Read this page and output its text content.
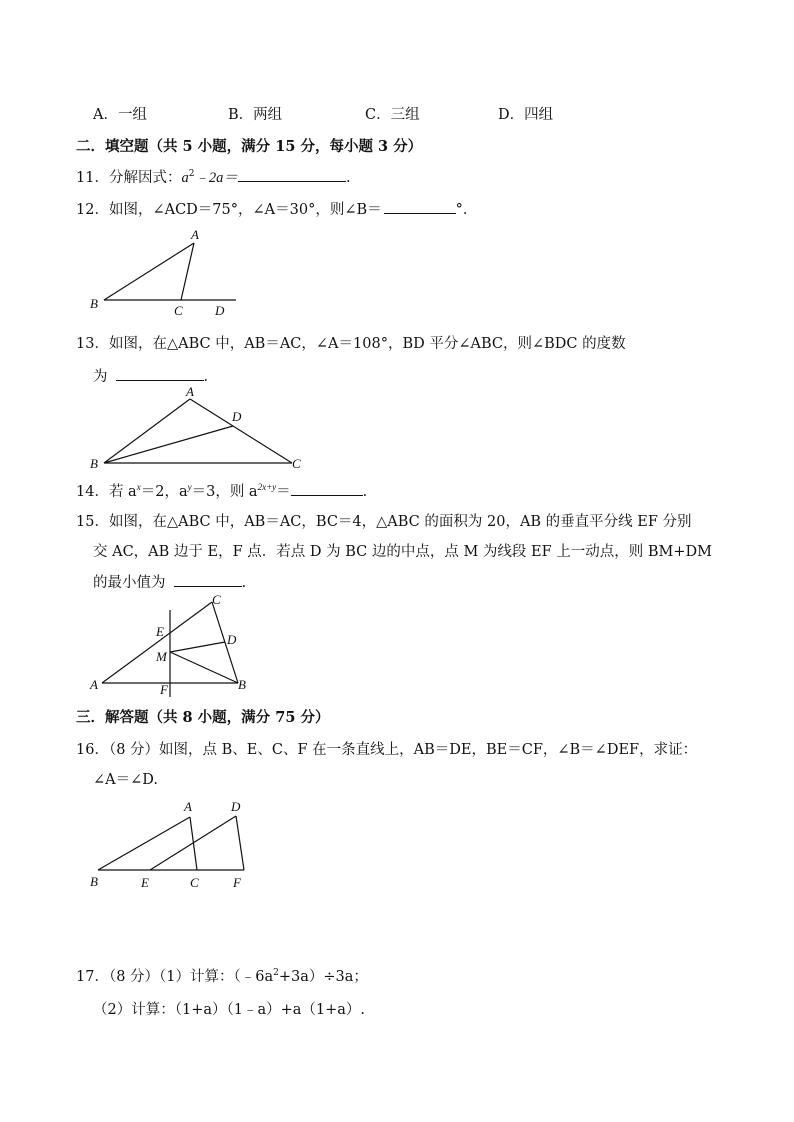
A．一组	B．两组	C．三组	D．四组
二．填空题（共 5 小题，满分 15 分，每小题 3 分）
11．分解因式：$a^2﹣2a=$	.
12．如图，∠ACD＝75°，∠A＝30°，则∠B＝	°．
A
B	C D
13．如图，在△ABC 中，AB＝AC，∠A＝108°，BD 平分∠ABC，则∠BDC 的度数
为	.
A
B	C
D
14．若 $a^x=2$，$a^y=3$，则 $a^{2x+y}=$	.
15．如图，在△ABC 中，AB＝AC，BC＝4，△ABC 的面积为 20，AB 的垂直平分线 EF 分别
交 AC，AB 边于 E，F 点．若点 D 为 BC 边的中点，点 M 为线段 EF 上一动点，则 BM+DM
的最小值为	.
C
E
D
M
A	F	B
三．解答题（共 8 小题，满分 75 分）
16．（8 分）如图，点 B、E、C、F 在一条直线上，AB＝DE，BE＝CF，∠B＝∠DEF，求证：
∠A＝∠D.
A	D
B	E	C	F
17．（8 分）（1）计算：$(﹣6a^2+3a)\div 3a$；
（2）计算：（1+a）（1﹣a）+a（1+a）.
